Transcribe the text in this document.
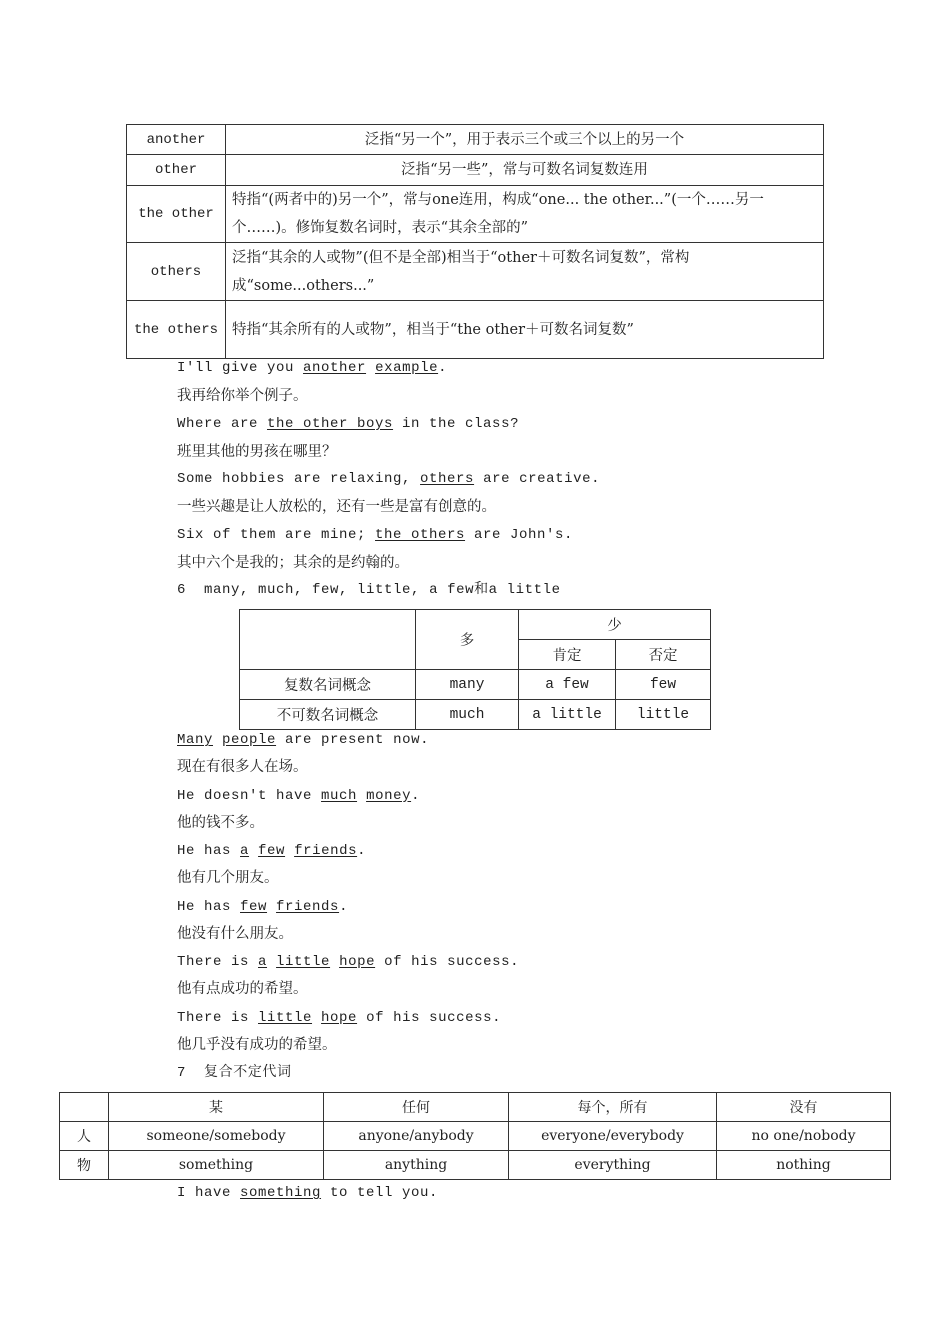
another	泛指“另一个”，用于表示三个或三个以上的另一个
other	泛指“另一些”，常与可数名词复数连用
the other	特指“(两者中的)另一个”，常与one连用，构成“one... the other...”(一个……另一个……)。修饰复数名词时，表示“其余全部的”
others	泛指“其余的人或物”(但不是全部)相当于“other＋可数名词复数”，常构成“some...others...”
the others	特指“其余所有的人或物”，相当于“the other＋可数名词复数”
I'll give you another example.
我再给你举个例子。
Where are the other boys in the class?
班里其他的男孩在哪里？
Some hobbies are relaxing, others are creative.
一些兴趣是让人放松的，还有一些是富有创意的。
Six of them are mine; the others are John's.
其中六个是我的；其余的是约翰的。
6 many, much, few, little, a few和a little
	多	少	
		肯定	否定
复数名词概念	many	a few	few
不可数名词概念	much	a little	little
Many people are present now.
现在有很多人在场。
He doesn't have much money.
他的钱不多。
He has a few friends.
他有几个朋友。
He has few friends.
他没有什么朋友。
There is a little hope of his success.
他有点成功的希望。
There is little hope of his success.
他几乎没有成功的希望。
7 复合不定代词
	某	任何	每个，所有	没有
人	someone/somebody	anyone/anybody	everyone/everybody	no one/nobody
物	something	anything	everything	nothing
I have something to tell you.
